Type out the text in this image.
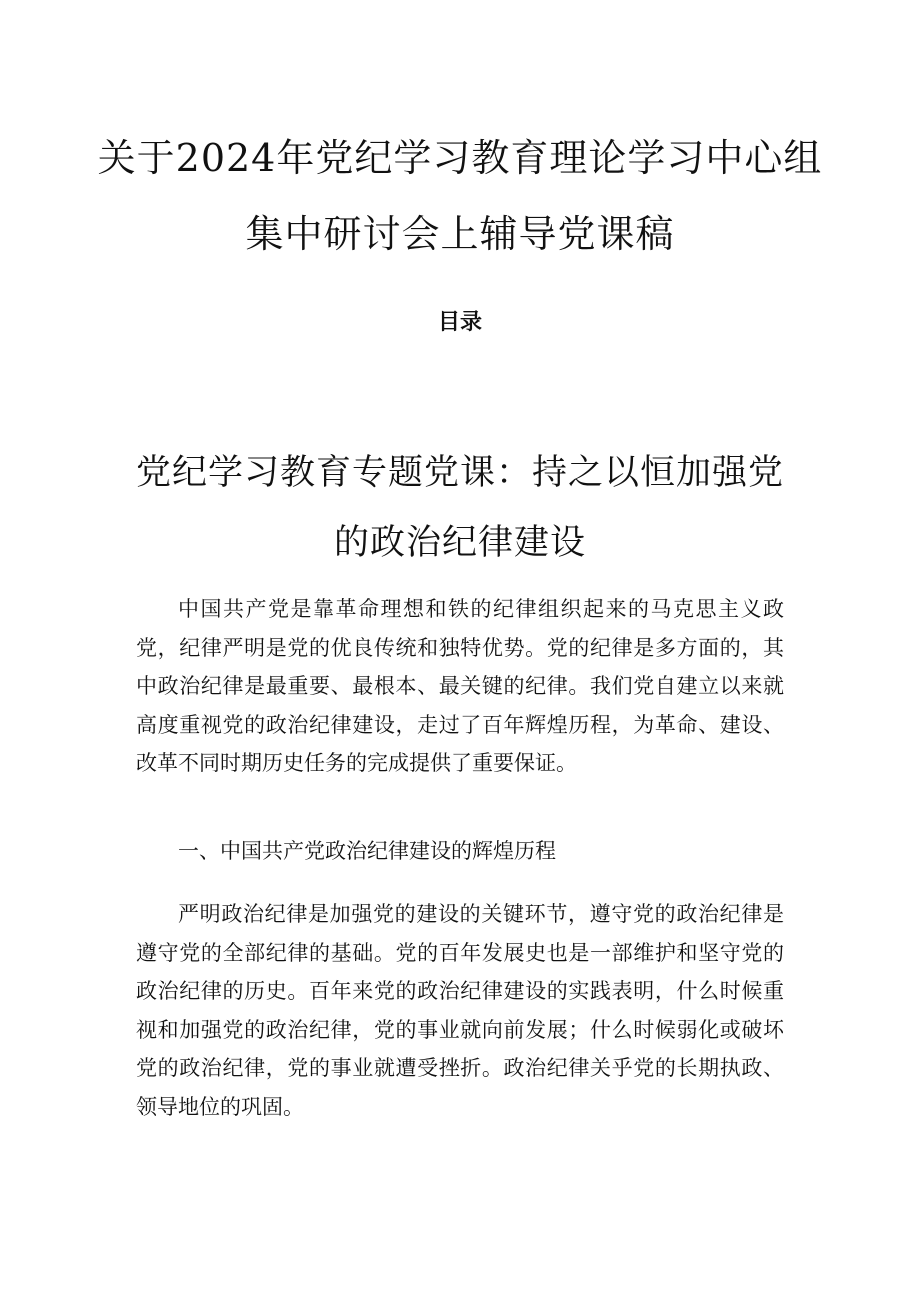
关于2024年党纪学习教育理论学习中心组
集中研讨会上辅导党课稿
目录
党纪学习教育专题党课：持之以恒加强党
的政治纪律建设

中国共产党是靠革命理想和铁的纪律组织起来的马克思主义政党，纪律严明是党的优良传统和独特优势。党的纪律是多方面的，其中政治纪律是最重要、最根本、最关键的纪律。我们党自建立以来就高度重视党的政治纪律建设，走过了百年辉煌历程，为革命、建设、改革不同时期历史任务的完成提供了重要保证。

一、中国共产党政治纪律建设的辉煌历程

严明政治纪律是加强党的建设的关键环节，遵守党的政治纪律是遵守党的全部纪律的基础。党的百年发展史也是一部维护和坚守党的政治纪律的历史。百年来党的政治纪律建设的实践表明，什么时候重视和加强党的政治纪律，党的事业就向前发展；什么时候弱化或破坏党的政治纪律，党的事业就遭受挫折。政治纪律关乎党的长期执政、领导地位的巩固。
